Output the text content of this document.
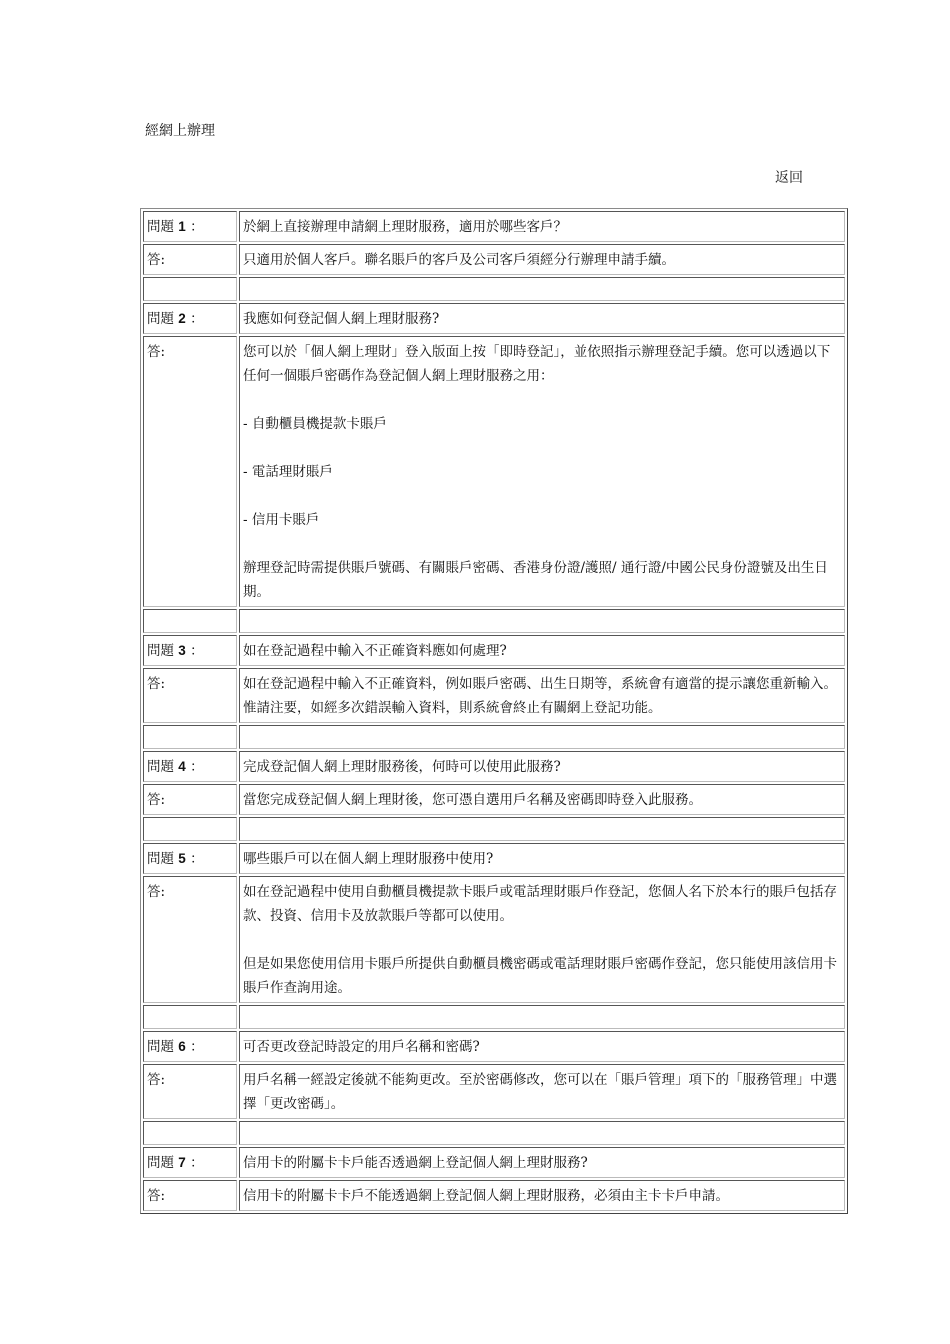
經網上辦理
返回
問題 1 ：	於網上直接辦理申請網上理財服務，適用於哪些客戶？
答:	只適用於個人客戶。聯名賬戶的客戶及公司客戶須經分行辦理申請手續。

問題 2 ：	我應如何登記個人網上理財服務?
答:	您可以於「個人網上理財」登入版面上按「即時登記」，並依照指示辦理登記手續。您可以透過以下任何一個賬戶密碼作為登記個人網上理財服務之用：
- 自動櫃員機提款卡賬戶
- 電話理財賬戶
- 信用卡賬戶
辦理登記時需提供賬戶號碼、有關賬戶密碼、香港身份證/護照/ 通行證/中國公民身份證號及出生日期。

問題 3 ：	如在登記過程中輸入不正確資料應如何處理?
答:	如在登記過程中輸入不正確資料，例如賬戶密碼、出生日期等，系統會有適當的提示讓您重新輸入。惟請注要，如經多次錯誤輸入資料，則系統會終止有關網上登記功能。

問題 4 ：	完成登記個人網上理財服務後，何時可以使用此服務?
答:	當您完成登記個人網上理財後，您可憑自選用戶名稱及密碼即時登入此服務。

問題 5 ：	哪些賬戶可以在個人網上理財服務中使用?
答:	如在登記過程中使用自動櫃員機提款卡賬戶或電話理財賬戶作登記，您個人名下於本行的賬戶包括存款、投資、信用卡及放款賬戶等都可以使用。
但是如果您使用信用卡賬戶所提供自動櫃員機密碼或電話理財賬戶密碼作登記，您只能使用該信用卡賬戶作查詢用途。

問題 6 ：	可否更改登記時設定的用戶名稱和密碼?
答:	用戶名稱一經設定後就不能夠更改。至於密碼修改，您可以在「賬戶管理」項下的「服務管理」中選擇「更改密碼」。

問題 7 ：	信用卡的附屬卡卡戶能否透過網上登記個人網上理財服務?
答:	信用卡的附屬卡卡戶不能透過網上登記個人網上理財服務，必須由主卡卡戶申請。
